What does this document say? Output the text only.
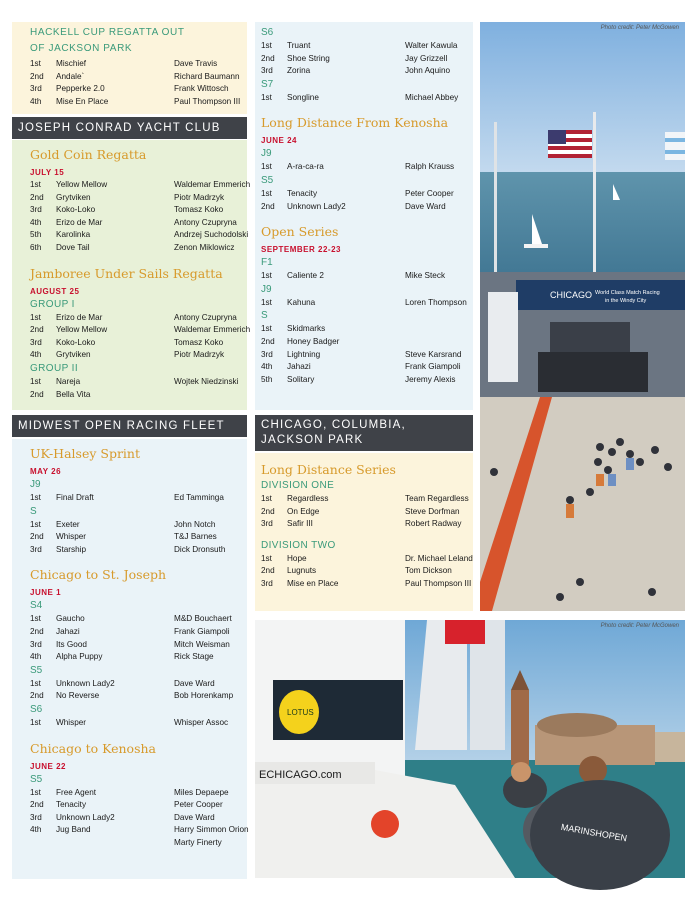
HACKELL CUP REGATTA OUT

OF JACKSON PARK

1st	Mischief	Dave Travis
2nd	Andale`	Richard Baumann
3rd	Pepperke 2.0	Frank Wittosch
4th	Mise En Place	Paul Thompson III
JOSEPH CONRAD YACHT CLUB

Gold Coin Regatta

JULY 15

1st	Yellow Mellow	Waldemar Emmerich
2nd	Grytviken	Piotr Madrzyk
3rd	Koko-Loko	Tomasz Koko
4th	Erizo de Mar	Antony Czupryna
5th	Karolinka	Andrzej Suchodolski
6th	Dove Tail	Zenon Miklowicz

Jamboree Under Sails Regatta

AUGUST 25

GROUP I

1st	Erizo de Mar	Antony Czupryna
2nd	Yellow Mellow	Waldemar Emmerich
3rd	Koko-Loko	Tomasz Koko
4th	Grytviken	Piotr Madrzyk

GROUP II

1st	Nareja	Wojtek Niedzinski
2nd	Bella Vita
MIDWEST OPEN RACING FLEET

UK-Halsey Sprint

MAY 26

J9

1st	Final Draft	Ed Tamminga

S

1st	Exeter	John Notch
2nd	Whisper	T&J Barnes
3rd	Starship	Dick Dronsuth

Chicago to St. Joseph

JUNE 1

S4

1st	Gaucho	M&D Bouchaert
2nd	Jahazi	Frank Giampoli
3rd	Its Good	Mitch Weisman
4th	Alpha Puppy	Rick Stage

S5

1st	Unknown Lady2	Dave Ward
2nd	No Reverse	Bob Horenkamp

S6

1st	Whisper	Whisper Assoc

Chicago to Kenosha

JUNE 22

S5

1st	Free Agent	Miles Depaepe
2nd	Tenacity	Peter Cooper
3rd	Unknown Lady2	Dave Ward
4th	Jug Band	Harry Simmon Orion
Marty Finerty

S6

1st	Truant	Walter Kawula
2nd	Shoe String	Jay Grizzell
3rd	Zorina	John Aquino

S7

1st	Songline	Michael Abbey

Long Distance From Kenosha

JUNE 24

J9

1st	A-ra-ca-ra	Ralph Krauss

S5

1st	Tenacity	Peter Cooper
2nd	Unknown Lady2	Dave Ward

Open Series

SEPTEMBER 22-23

F1

1st	Caliente 2	Mike Steck

J9

1st	Kahuna	Loren Thompson

S

1st	Skidmarks
2nd	Honey Badger
3rd	Lightning	Steve Karsrand
4th	Jahazi	Frank Giampoli
5th	Solitary	Jeremy Alexis
CHICAGO, COLUMBIA,
JACKSON PARK

Long Distance Series

DIVISION ONE

1st	Regardless	Team Regardless
2nd	On Edge	Steve Dorfman
3rd	Safir III	Robert Radway

DIVISION TWO

1st	Hope	Dr. Michael Leland
2nd	Lugnuts	Tom Dickson
3rd	Mise en Place	Paul Thompson III
CHICAGO World Class Match Racing
in the Windy City
Photo credit: Peter McGowen
LOTUS
ECHICAGO.com
MARINSHOPEN
Photo credit: Peter McGowen
